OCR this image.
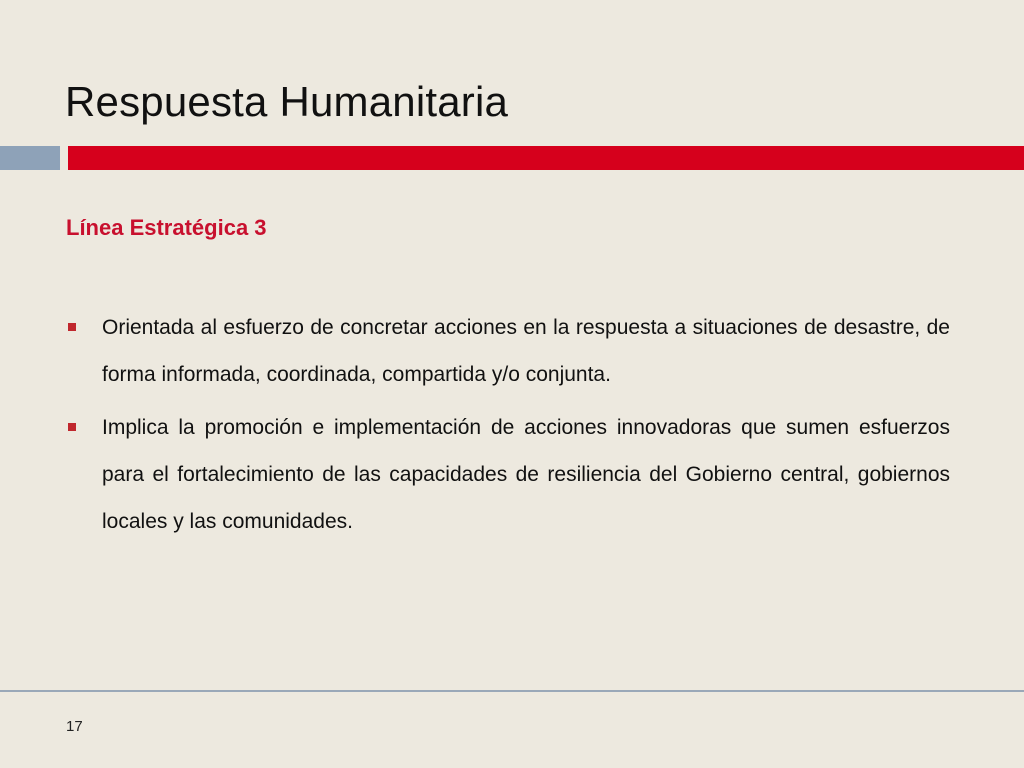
Respuesta Humanitaria
Línea Estratégica 3
Orientada al esfuerzo de concretar acciones en la respuesta a situaciones de desastre, de forma informada, coordinada, compartida y/o conjunta.
Implica la promoción e implementación de acciones innovadoras que sumen esfuerzos para el fortalecimiento de las capacidades de resiliencia del Gobierno central, gobiernos locales y las comunidades.
17
